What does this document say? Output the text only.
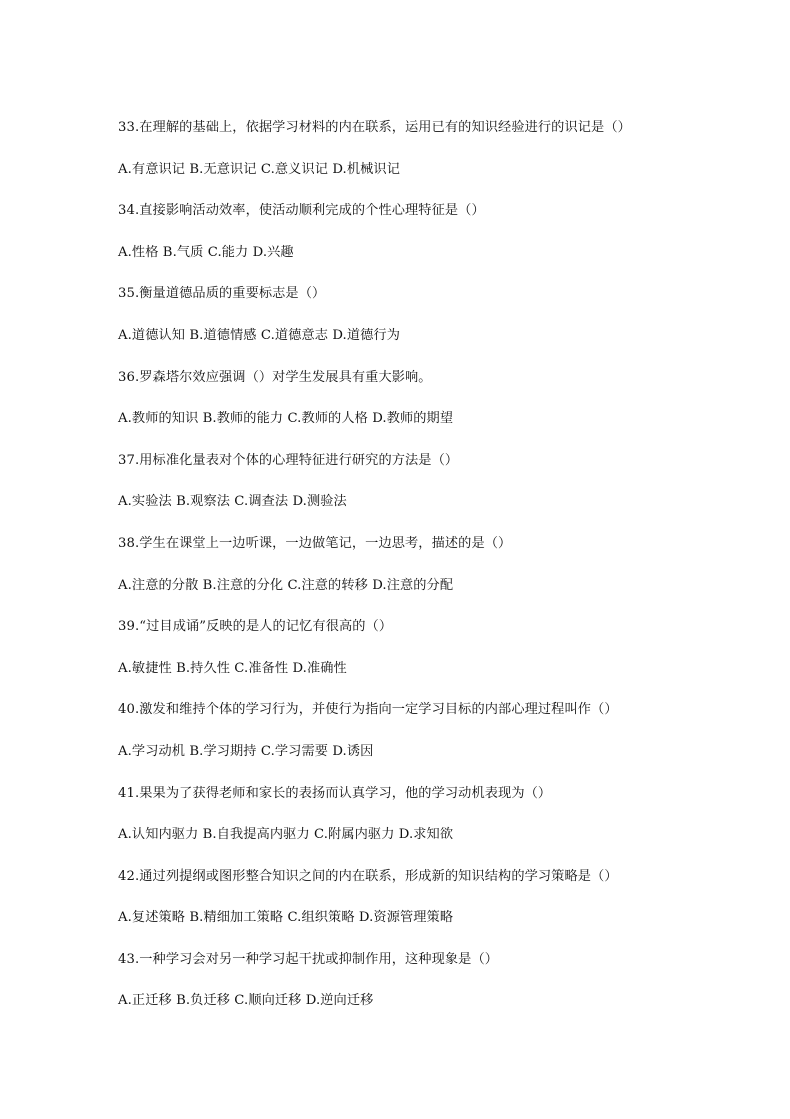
33.在理解的基础上，依据学习材料的内在联系，运用已有的知识经验进行的识记是（）
A.有意识记 B.无意识记 C.意义识记 D.机械识记
34.直接影响活动效率，使活动顺利完成的个性心理特征是（）
A.性格 B.气质 C.能力 D.兴趣
35.衡量道德品质的重要标志是（）
A.道德认知 B.道德情感 C.道德意志 D.道德行为
36.罗森塔尔效应强调（）对学生发展具有重大影响。
A.教师的知识 B.教师的能力 C.教师的人格 D.教师的期望
37.用标准化量表对个体的心理特征进行研究的方法是（）
A.实验法 B.观察法 C.调查法 D.测验法
38.学生在课堂上一边听课，一边做笔记，一边思考，描述的是（）
A.注意的分散 B.注意的分化 C.注意的转移 D.注意的分配
39.“过目成诵”反映的是人的记忆有很高的（）
A.敏捷性 B.持久性 C.准备性 D.准确性
40.激发和维持个体的学习行为，并使行为指向一定学习目标的内部心理过程叫作（）
A.学习动机 B.学习期持 C.学习需要 D.诱因
41.果果为了获得老师和家长的表扬而认真学习，他的学习动机表现为（）
A.认知内驱力 B.自我提高内驱力 C.附属内驱力 D.求知欲
42.通过列提纲或图形整合知识之间的内在联系，形成新的知识结构的学习策略是（）
A.复述策略 B.精细加工策略 C.组织策略 D.资源管理策略
43.一种学习会对另一种学习起干扰或抑制作用，这种现象是（）
A.正迁移 B.负迁移 C.顺向迁移 D.逆向迁移
